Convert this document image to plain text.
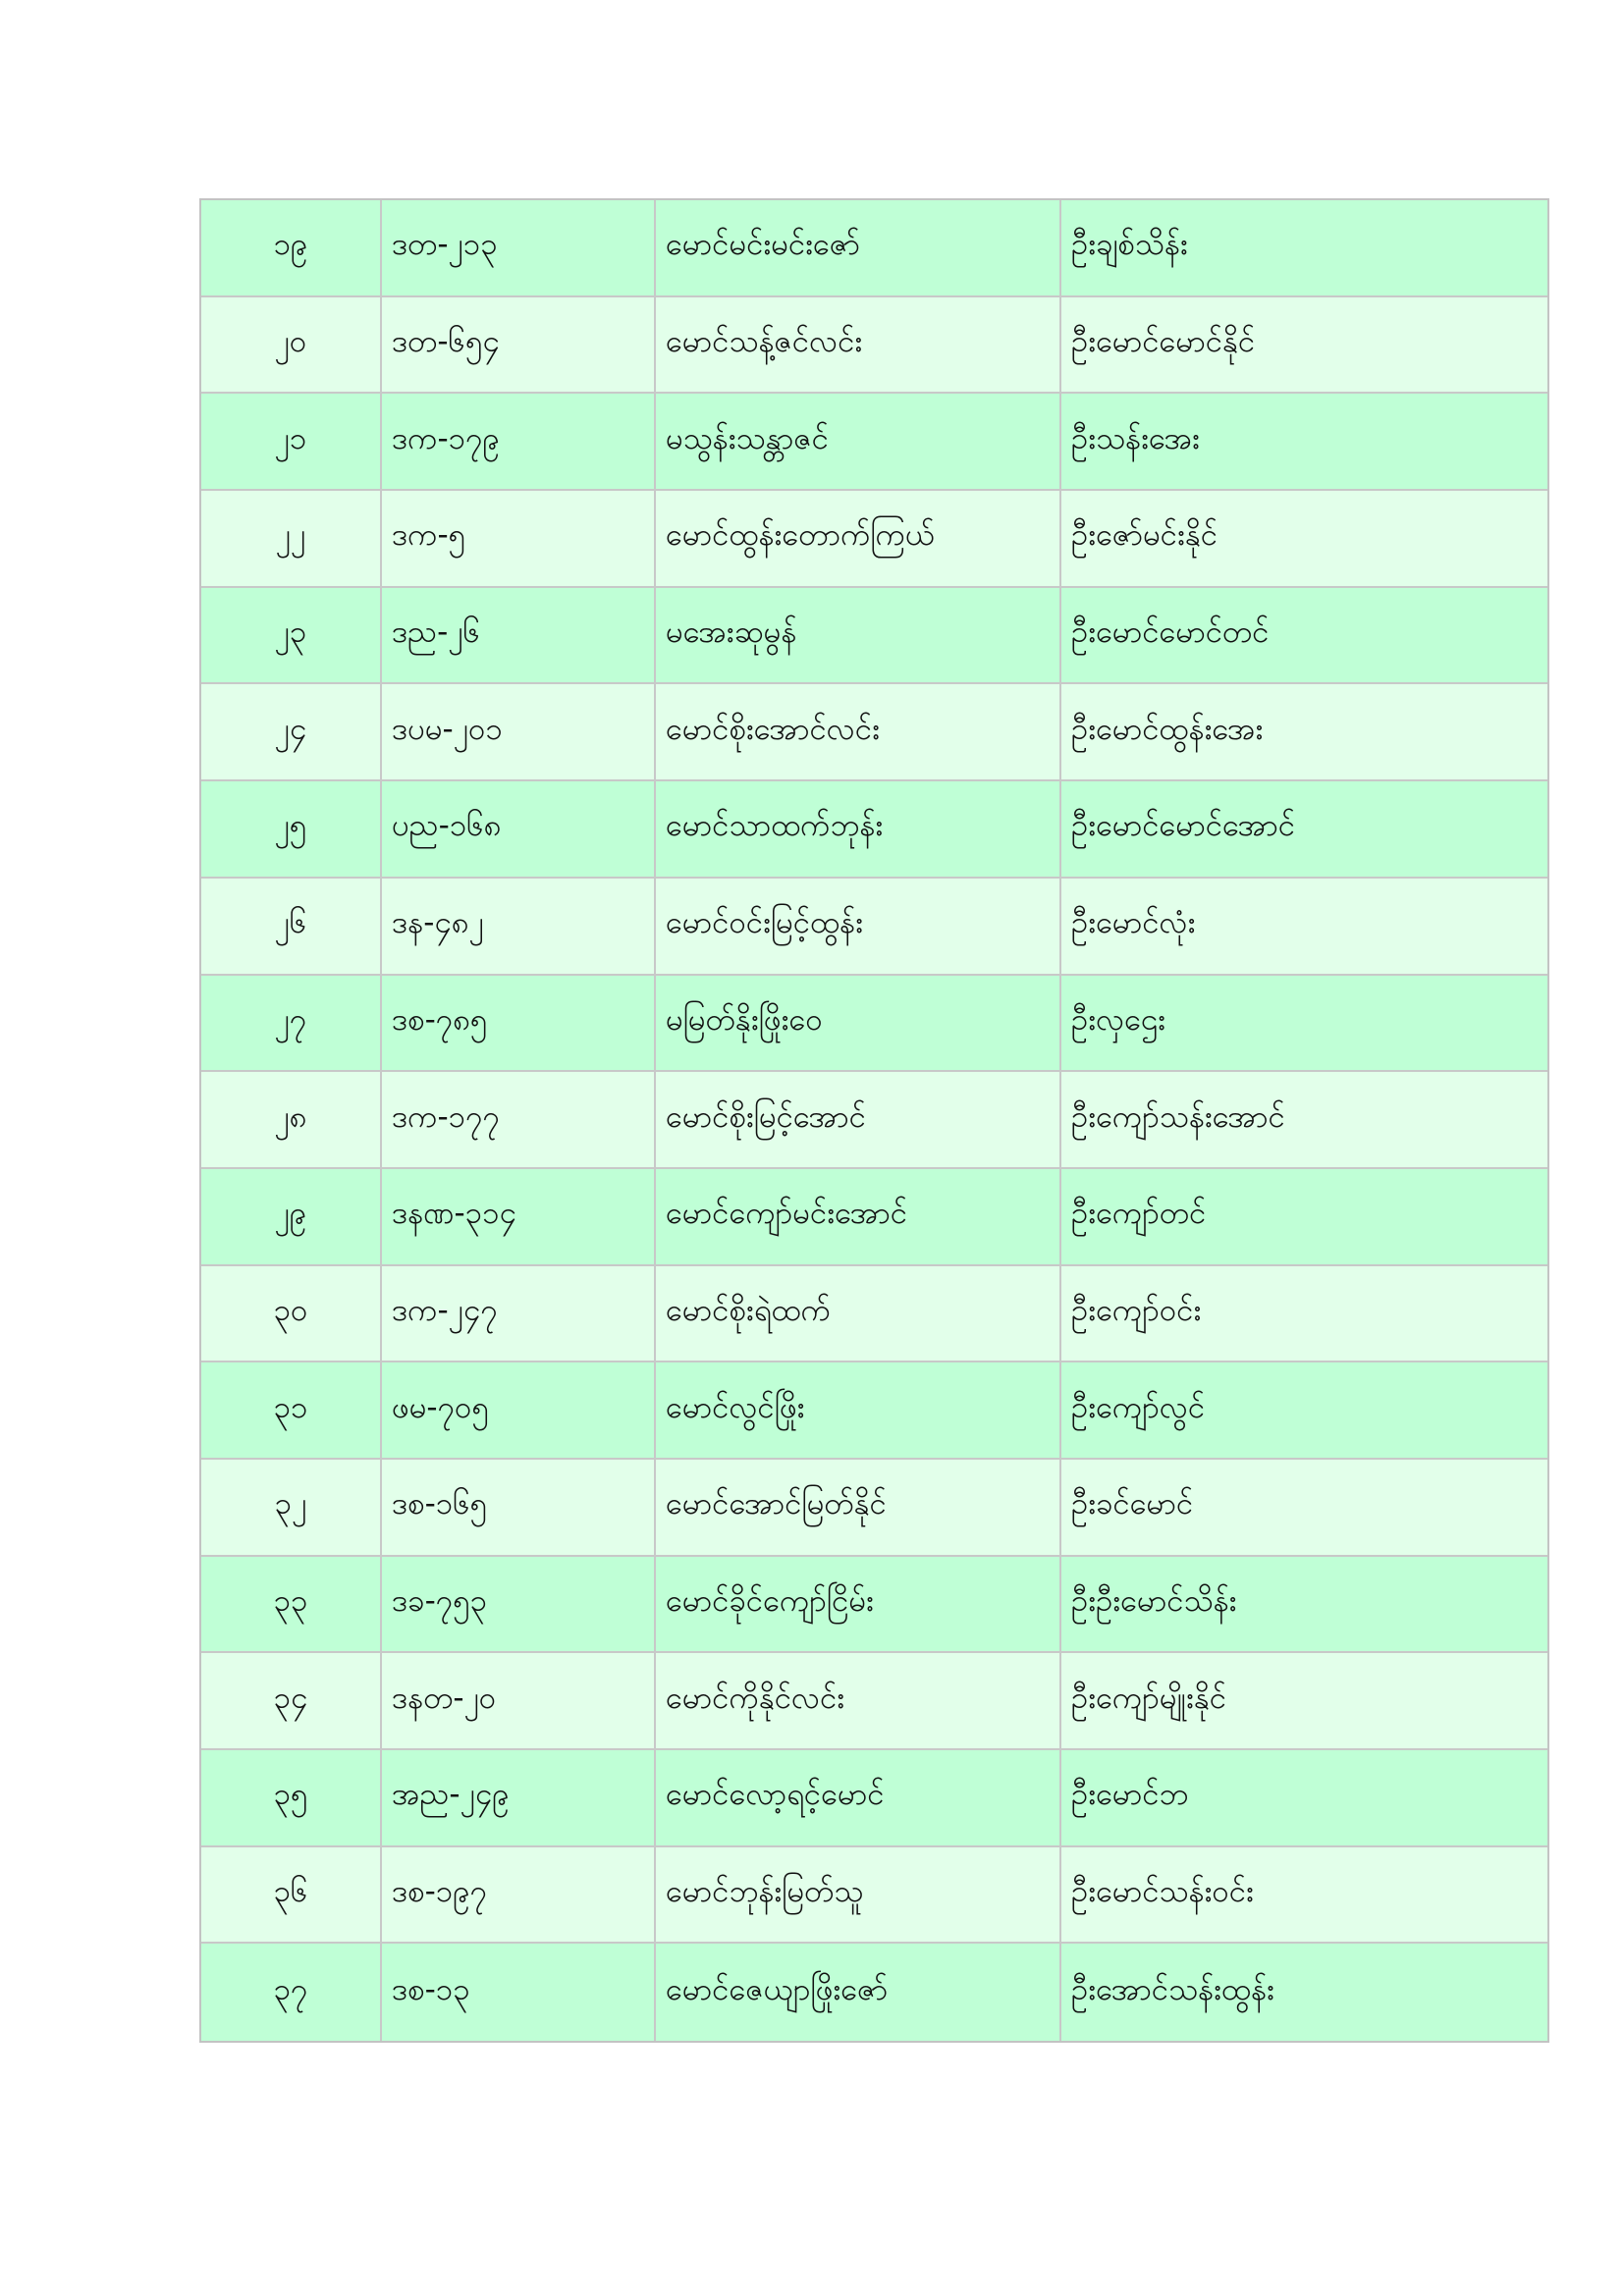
၁၉	ဒတ-၂၁၃	မောင်မင်းမင်းဇော်	ဦးချစ်သိန်း
၂၀	ဒတ-၆၅၄	မောင်သန့်ဇင်လင်း	ဦးမောင်မောင်နိုင်
၂၁	ဒက-၁၇၉	မသွန်းသန္တာဇင်	ဦးသန်းအေး
၂၂	ဒက-၅	မောင်ထွန်းတောက်ကြယ်	ဦးဇော်မင်းနိုင်
၂၃	ဒည-၂၆	မအေးဆုမွန်	ဦးမောင်မောင်တင်
၂၄	ဒပမ-၂၀၁	မောင်စိုးအောင်လင်း	ဦးမောင်ထွန်းအေး
၂၅	ပည-၁၆၈	မောင်သာထက်ဘုန်း	ဦးမောင်မောင်အောင်
၂၆	ဒန-၄၈၂	မောင်ဝင်းမြင့်ထွန်း	ဦးမောင်လုံး
၂၇	ဒစ-၇၈၅	မမြတ်နိုးဖြိုးဝေ	ဦးလှဌေး
၂၈	ဒက-၁၇၇	မောင်စိုးမြင့်အောင်	ဦးကျော်သန်းအောင်
၂၉	ဒနဏ-၃၁၄	မောင်ကျော်မင်းအောင်	ဦးကျော်တင်
၃၀	ဒက-၂၄၇	မောင်စိုးရဲထက်	ဦးကျော်ဝင်း
၃၁	ဖမ-၇၀၅	မောင်လွင်ဖြိုး	ဦးကျော်လွင်
၃၂	ဒစ-၁၆၅	မောင်အောင်မြတ်နိုင်	ဦးခင်မောင်
၃၃	ဒခ-၇၅၃	မောင်ခိုင်ကျော်ငြိမ်း	ဦးဦးမောင်သိန်း
၃၄	ဒနတ-၂၀	မောင်ကိုနိုင်လင်း	ဦးကျော်မျိုးနိုင်
၃၅	အည-၂၄၉	မောင်လော့ရင့်မောင်	ဦးမောင်ဘ
၃၆	ဒစ-၁၉၇	မောင်ဘုန်းမြတ်သူ	ဦးမောင်သန်းဝင်း
၃၇	ဒစ-၁၃	မောင်ဇေယျာဖြိုးဇော်	ဦးအောင်သန်းထွန်း
